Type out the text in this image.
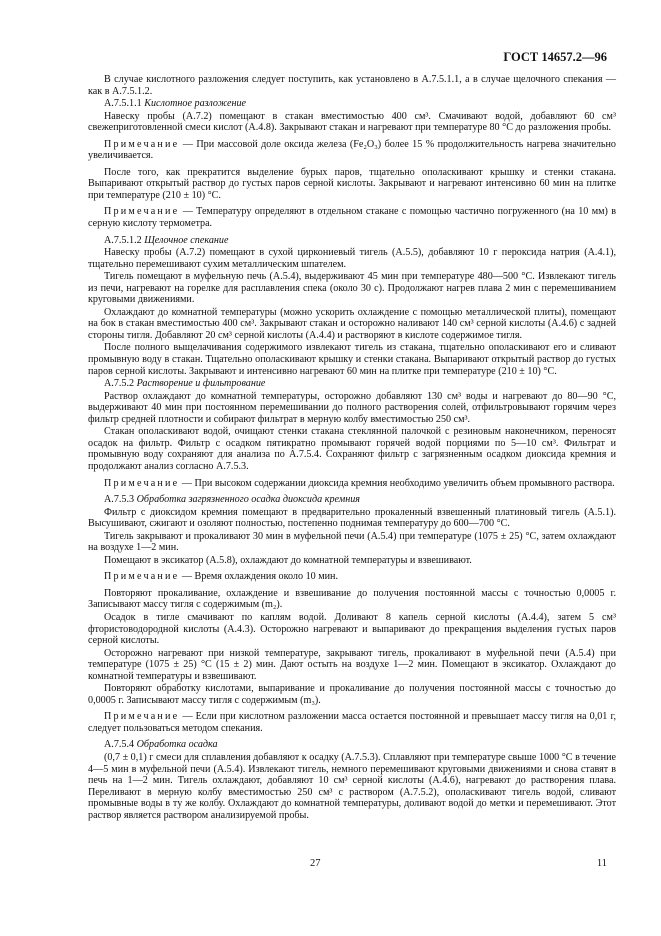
ГОСТ 14657.2—96

В случае кислотного разложения следует поступить, как установлено в А.7.5.1.1, а в случае щелочного спекания — как в А.7.5.1.2.

А.7.5.1.1 Кислотное разложение

Навеску пробы (А.7.2) помещают в стакан вместимостью 400 см³. Смачивают водой, добавляют 60 см³ свежеприготовленной смеси кислот (А.4.8). Закрывают стакан и нагревают при температуре 80 °С до разложения пробы.

Примечание — При массовой доле оксида железа (Fe₂O₃) более 15 % продолжительность нагрева значительно увеличивается.

После того, как прекратится выделение бурых паров, тщательно ополаскивают крышку и стенки стакана. Выпаривают открытый раствор до густых паров серной кислоты. Закрывают и нагревают интенсивно 60 мин на плитке при температуре (210 ± 10) °С.

Примечание — Температуру определяют в отдельном стакане с помощью частично погруженного (на 10 мм) в серную кислоту термометра.

А.7.5.1.2 Щелочное спекание

Навеску пробы (А.7.2) помещают в сухой циркониевый тигель (А.5.5), добавляют 10 г пероксида натрия (А.4.1), тщательно перемешивают сухим металлическим шпателем.

Тигель помещают в муфельную печь (А.5.4), выдерживают 45 мин при температуре 480—500 °С. Извлекают тигель из печи, нагревают на горелке для расплавления спека (около 30 с). Продолжают нагрев плава 2 мин с перемешиванием круговыми движениями.

Охлаждают до комнатной температуры (можно ускорить охлаждение с помощью металлической плиты), помещают на бок в стакан вместимостью 400 см³. Закрывают стакан и осторожно наливают 140 см³ серной кислоты (А.4.6) с задней стороны тигля. Добавляют 20 см³ серной кислоты (А.4.4) и растворяют в кислоте содержимое тигля.

После полного выщелачивания содержимого извлекают тигель из стакана, тщательно ополаскивают его и сливают промывную воду в стакан. Тщательно ополаскивают крышку и стенки стакана. Выпаривают открытый раствор до густых паров серной кислоты. Закрывают и интенсивно нагревают 60 мин на плитке при температуре (210 ± 10) °С.

А.7.5.2 Растворение и фильтрование

Раствор охлаждают до комнатной температуры, осторожно добавляют 130 см³ воды и нагревают до 80—90 °С, выдерживают 40 мин при постоянном перемешивании до полного растворения солей, отфильтровывают горячим через фильтр средней плотности и собирают фильтрат в мерную колбу вместимостью 250 см³.

Стакан ополаскивают водой, очищают стенки стакана стеклянной палочкой с резиновым наконечником, переносят осадок на фильтр. Фильтр с осадком пятикратно промывают горячей водой порциями по 5—10 см³. Фильтрат и промывную воду сохраняют для анализа по А.7.5.4. Сохраняют фильтр с загрязненным осадком диоксида кремния и продолжают анализ согласно А.7.5.3.

Примечание — При высоком содержании диоксида кремния необходимо увеличить объем промывного раствора.

А.7.5.3 Обработка загрязненного осадка диоксида кремния

Фильтр с диоксидом кремния помещают в предварительно прокаленный взвешенный платиновый тигель (А.5.1). Высушивают, сжигают и озоляют полностью, постепенно поднимая температуру до 600—700 °С.

Тигель закрывают и прокаливают 30 мин в муфельной печи (А.5.4) при температуре (1075 ± 25) °С, затем охлаждают на воздухе 1—2 мин.

Помещают в эксикатор (А.5.8), охлаждают до комнатной температуры и взвешивают.

Примечание — Время охлаждения около 10 мин.

Повторяют прокаливание, охлаждение и взвешивание до получения постоянной массы с точностью 0,0005 г. Записывают массу тигля с содержимым (m₂).

Осадок в тигле смачивают по каплям водой. Доливают 8 капель серной кислоты (А.4.4), затем 5 см³ фтористоводородной кислоты (А.4.3). Осторожно нагревают и выпаривают до прекращения выделения густых паров серной кислоты.

Осторожно нагревают при низкой температуре, закрывают тигель, прокаливают в муфельной печи (А.5.4) при температуре (1075 ± 25) °С (15 ± 2) мин. Дают остыть на воздухе 1—2 мин. Помещают в эксикатор. Охлаждают до комнатной температуры и взвешивают.

Повторяют обработку кислотами, выпаривание и прокаливание до получения постоянной массы с точностью до 0,0005 г. Записывают массу тигля с содержимым (m₃).

Примечание — Если при кислотном разложении масса остается постоянной и превышает массу тигля на 0,01 г, следует пользоваться методом спекания.

А.7.5.4 Обработка осадка

(0,7 ± 0,1) г смеси для сплавления добавляют к осадку (А.7.5.3). Сплавляют при температуре свыше 1000 °С в течение 4—5 мин в муфельной печи (А.5.4). Извлекают тигель, немного перемешивают круговыми движениями и снова ставят в печь на 1—2 мин. Тигель охлаждают, добавляют 10 см³ серной кислоты (А.4.6), нагревают до растворения плава. Переливают в мерную колбу вместимостью 250 см³ с раствором (А.7.5.2), ополаскивают тигель водой, сливают промывные воды в ту же колбу. Охлаждают до комнатной температуры, доливают водой до метки и перемешивают. Этот раствор является раствором анализируемой пробы.

27	11
